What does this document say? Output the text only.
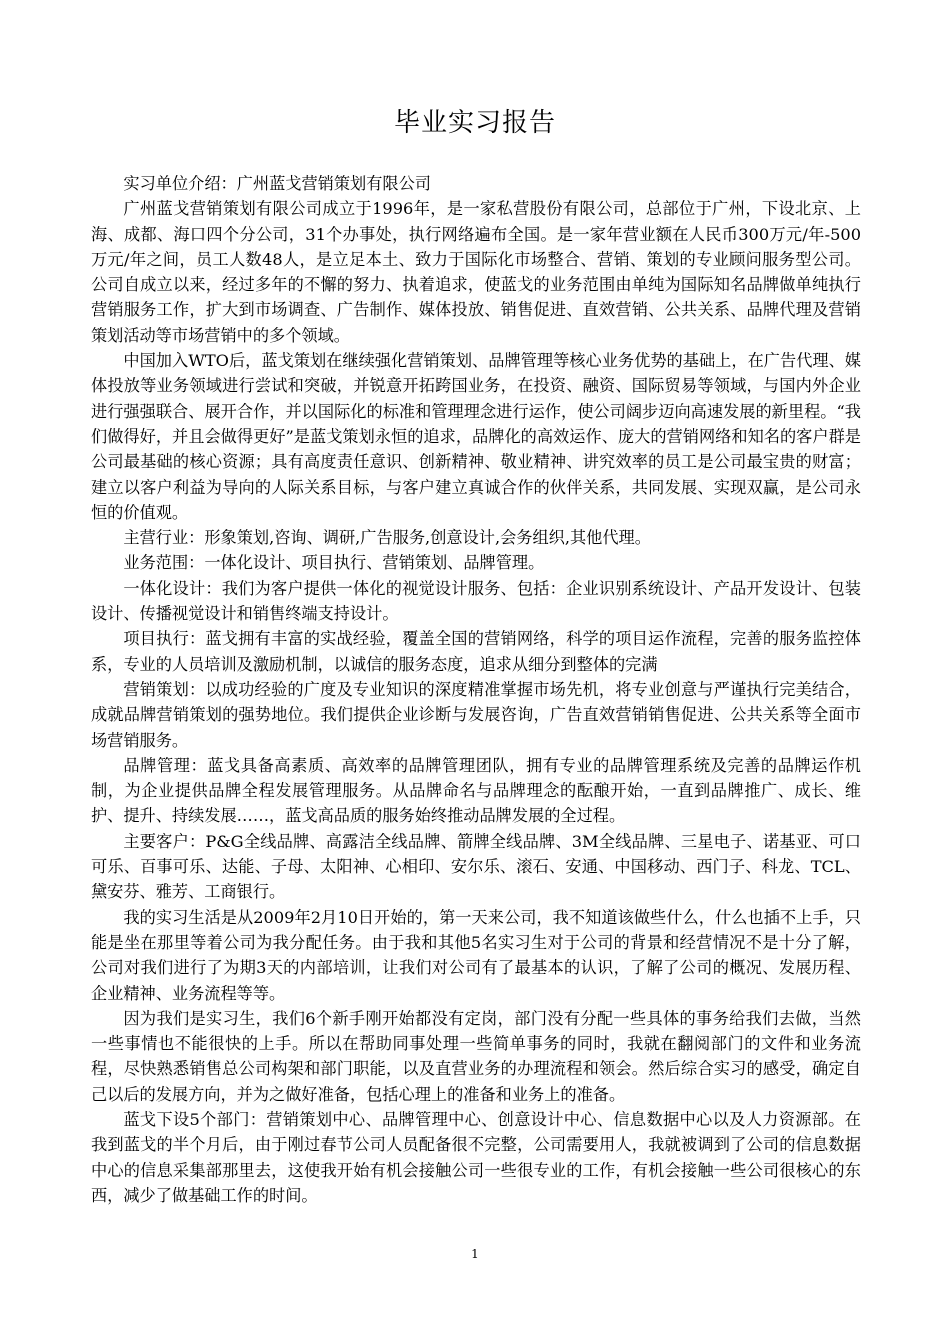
毕业实习报告

实习单位介绍：广州蓝戈营销策划有限公司

广州蓝戈营销策划有限公司成立于1996年，是一家私营股份有限公司，总部位于广州，下设北京、上海、成都、海口四个分公司，31个办事处，执行网络遍布全国。是一家年营业额在人民币300万元/年-500万元/年之间，员工人数48人，是立足本土、致力于国际化市场整合、营销、策划的专业顾问服务型公司。公司自成立以来，经过多年的不懈的努力、执着追求，使蓝戈的业务范围由单纯为国际知名品牌做单纯执行营销服务工作，扩大到市场调查、广告制作、媒体投放、销售促进、直效营销、公共关系、品牌代理及营销策划活动等市场营销中的多个领域。

中国加入WTO后，蓝戈策划在继续强化营销策划、品牌管理等核心业务优势的基础上，在广告代理、媒体投放等业务领域进行尝试和突破，并锐意开拓跨国业务，在投资、融资、国际贸易等领域，与国内外企业进行强强联合、展开合作，并以国际化的标准和管理理念进行运作，使公司阔步迈向高速发展的新里程。“我们做得好，并且会做得更好”是蓝戈策划永恒的追求，品牌化的高效运作、庞大的营销网络和知名的客户群是公司最基础的核心资源；具有高度责任意识、创新精神、敬业精神、讲究效率的员工是公司最宝贵的财富；建立以客户利益为导向的人际关系目标，与客户建立真诚合作的伙伴关系，共同发展、实现双赢，是公司永恒的价值观。

主营行业：形象策划,咨询、调研,广告服务,创意设计,会务组织,其他代理。

业务范围：一体化设计、项目执行、营销策划、品牌管理。

一体化设计：我们为客户提供一体化的视觉设计服务、包括：企业识别系统设计、产品开发设计、包装设计、传播视觉设计和销售终端支持设计。

项目执行：蓝戈拥有丰富的实战经验，覆盖全国的营销网络，科学的项目运作流程，完善的服务监控体系，专业的人员培训及激励机制，以诚信的服务态度，追求从细分到整体的完满

营销策划：以成功经验的广度及专业知识的深度精准掌握市场先机，将专业创意与严谨执行完美结合，成就品牌营销策划的强势地位。我们提供企业诊断与发展咨询，广告直效营销销售促进、公共关系等全面市场营销服务。

品牌管理：蓝戈具备高素质、高效率的品牌管理团队，拥有专业的品牌管理系统及完善的品牌运作机制，为企业提供品牌全程发展管理服务。从品牌命名与品牌理念的酝酿开始，一直到品牌推广、成长、维护、提升、持续发展……，蓝戈高品质的服务始终推动品牌发展的全过程。

主要客户：P&G全线品牌、高露洁全线品牌、箭牌全线品牌、3M全线品牌、三星电子、诺基亚、可口可乐、百事可乐、达能、子母、太阳神、心相印、安尔乐、滚石、安通、中国移动、西门子、科龙、TCL、黛安芬、雅芳、工商银行。

我的实习生活是从2009年2月10日开始的，第一天来公司，我不知道该做些什么，什么也插不上手，只能是坐在那里等着公司为我分配任务。由于我和其他5名实习生对于公司的背景和经营情况不是十分了解，公司对我们进行了为期3天的内部培训，让我们对公司有了最基本的认识，了解了公司的概况、发展历程、企业精神、业务流程等等。

因为我们是实习生，我们6个新手刚开始都没有定岗，部门没有分配一些具体的事务给我们去做，当然一些事情也不能很快的上手。所以在帮助同事处理一些简单事务的同时，我就在翻阅部门的文件和业务流程，尽快熟悉销售总公司构架和部门职能，以及直营业务的办理流程和领会。然后综合实习的感受，确定自己以后的发展方向，并为之做好准备，包括心理上的准备和业务上的准备。

蓝戈下设5个部门：营销策划中心、品牌管理中心、创意设计中心、信息数据中心以及人力资源部。在我到蓝戈的半个月后，由于刚过春节公司人员配备很不完整，公司需要用人，我就被调到了公司的信息数据中心的信息采集部那里去，这使我开始有机会接触公司一些很专业的工作，有机会接触一些公司很核心的东西，减少了做基础工作的时间。

1
